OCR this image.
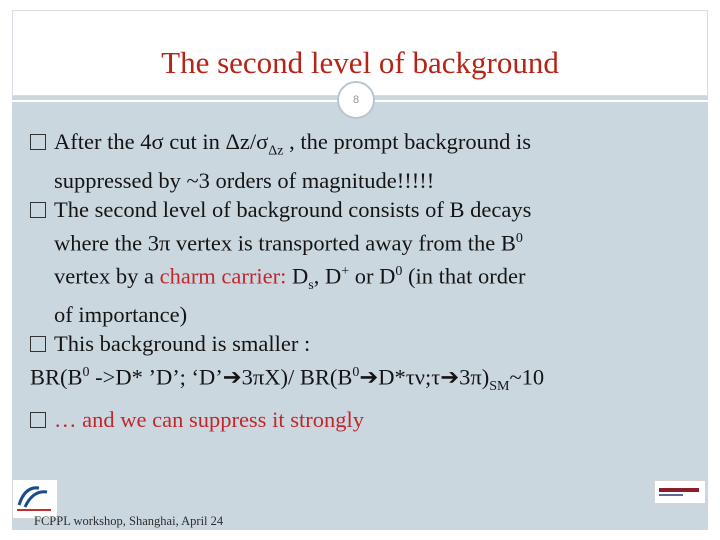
The second level of background
8
After the 4σ cut in $\Delta z/\sigma_{\Delta z}$ , the prompt background is
suppressed by ~3 orders of magnitude!!!!!
The second level of background consists of B decays
where the 3π vertex is transported away from the $B^0$
vertex by a charm carrier: $D_s$, D+ or $D^0$ (in that order
of importance)
This background is smaller :
$BR(B^0$ ->D* ’D’; ‘D’➔3πX)/ $BR(B^0➔D*\tau\nu;\tau➔3\pi)_{SM}\sim 10$
… and we can suppress it strongly
FCPPL workshop, Shanghai, April 24
